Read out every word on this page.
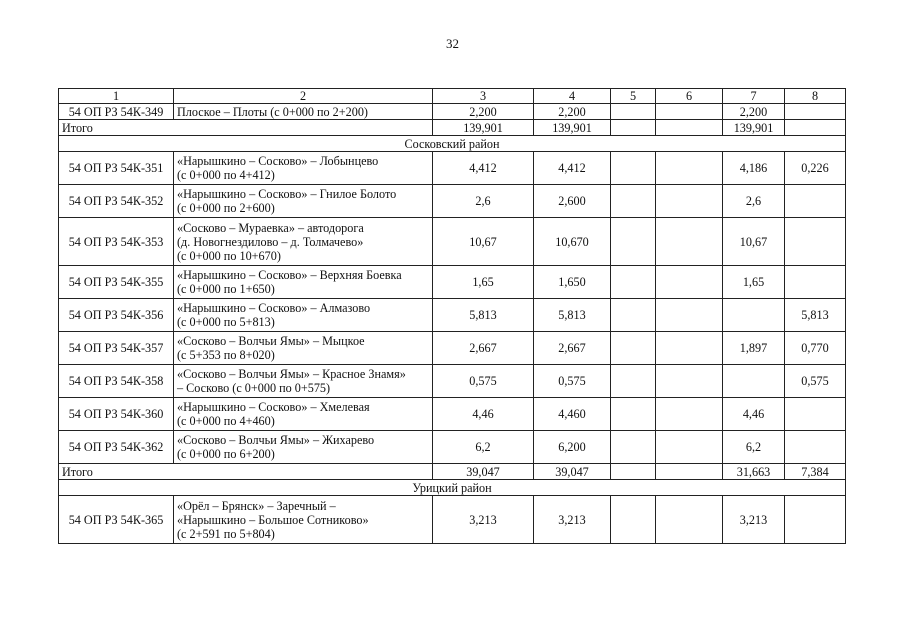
32
1	2	3	4	5	6	7	8
54 ОП РЗ 54К-349	Плоское – Плоты (с 0+000 по 2+200)	2,200	2,200			2,200	
Итого		139,901	139,901			139,901	
Сосковский район							
54 ОП РЗ 54К-351	«Нарышкино – Сосково» – Лобынцево
(с 0+000 по 4+412)	4,412	4,412			4,186	0,226
54 ОП РЗ 54К-352	«Нарышкино – Сосково» – Гнилое Болото
(с 0+000 по 2+600)	2,6	2,600			2,6	
54 ОП РЗ 54К-353	«Сосково – Мураевка» – автодорога
(д. Новогнездилово – д. Толмачево»
(с 0+000 по 10+670)	10,67	10,670			10,67	
54 ОП РЗ 54К-355	«Нарышкино – Сосково» – Верхняя Боевка
(с 0+000 по 1+650)	1,65	1,650			1,65	
54 ОП РЗ 54К-356	«Нарышкино – Сосково» – Алмазово
(с 0+000 по 5+813)	5,813	5,813				5,813
54 ОП РЗ 54К-357	«Сосково – Волчьи Ямы» – Мыцкое
(с 5+353 по 8+020)	2,667	2,667			1,897	0,770
54 ОП РЗ 54К-358	«Сосково – Волчьи Ямы» – Красное Знамя»
– Сосково (с 0+000 по 0+575)	0,575	0,575				0,575
54 ОП РЗ 54К-360	«Нарышкино – Сосково» – Хмелевая
(с 0+000 по 4+460)	4,46	4,460			4,46	
54 ОП РЗ 54К-362	«Сосково – Волчьи Ямы» – Жихарево
(с 0+000 по 6+200)	6,2	6,200			6,2	
Итого		39,047	39,047			31,663	7,384
Урицкий район							
54 ОП РЗ 54К-365	«Орёл – Брянск» – Заречный –
«Нарышкино – Большое Сотниково»
(с 2+591 по 5+804)	3,213	3,213			3,213	
